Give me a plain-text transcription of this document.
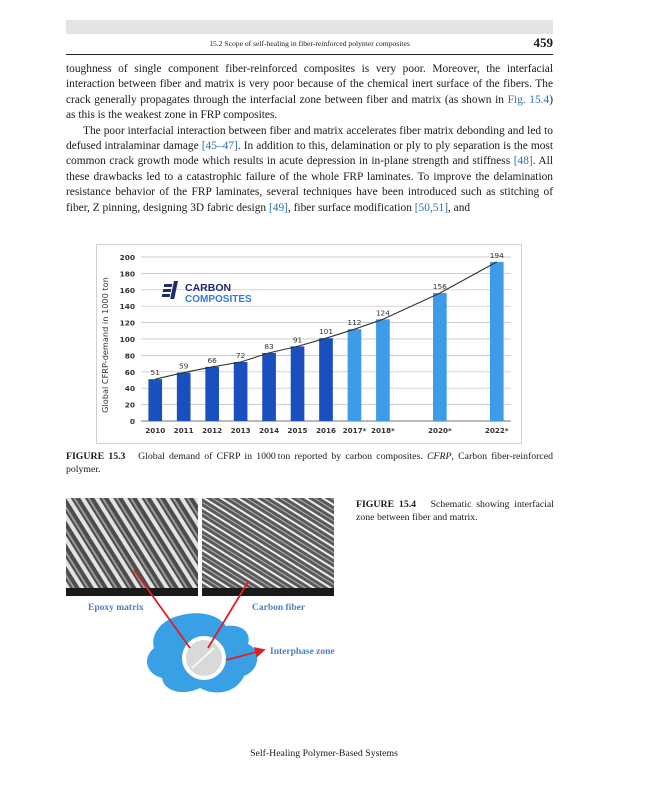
15.2 Scope of self-healing in fiber-reinforced polymer composites	459

toughness of single component fiber-reinforced composites is very poor. Moreover, the interfacial interaction between fiber and matrix is very poor because of the chemical inert surface of the fibers. The crack generally propagates through the interfacial zone between fiber and matrix (as shown in Fig. 15.4) as this is the weakest zone in FRP composites.

The poor interfacial interaction between fiber and matrix accelerates fiber matrix debonding and led to defused intralaminar damage [45–47]. In addition to this, delamination or ply to ply separation is the most common crack growth mode which results in acute depression in in-plane strength and stiffness [48]. All these drawbacks led to a catastrophic failure of the whole FRP laminates. To improve the delamination resistance behavior of the FRP laminates, several techniques have been introduced such as stitching of fiber, Z pinning, designing 3D fabric design [49], fiber surface modification [50,51], and

51
59
66
72
83
91
101
112
124
156
194
2010 2011 2012 2013 2014 2015 2016 2017* 2018*	2020*	2022*
0
20
40
60
80
100
120
140
160
180
200
Global CFRP-demand in 1000 ton	CARBON
COMPOSITES
FIGURE 15.3 Global demand of CFRP in 1000 ton reported by carbon composites. CFRP, Carbon fiber-reinforced polymer.
Epoxy matrix	Carbon fiber
Interphase zone
FIGURE 15.4 Schematic showing interfacial zone between fiber and matrix.
Self-Healing Polymer-Based Systems
